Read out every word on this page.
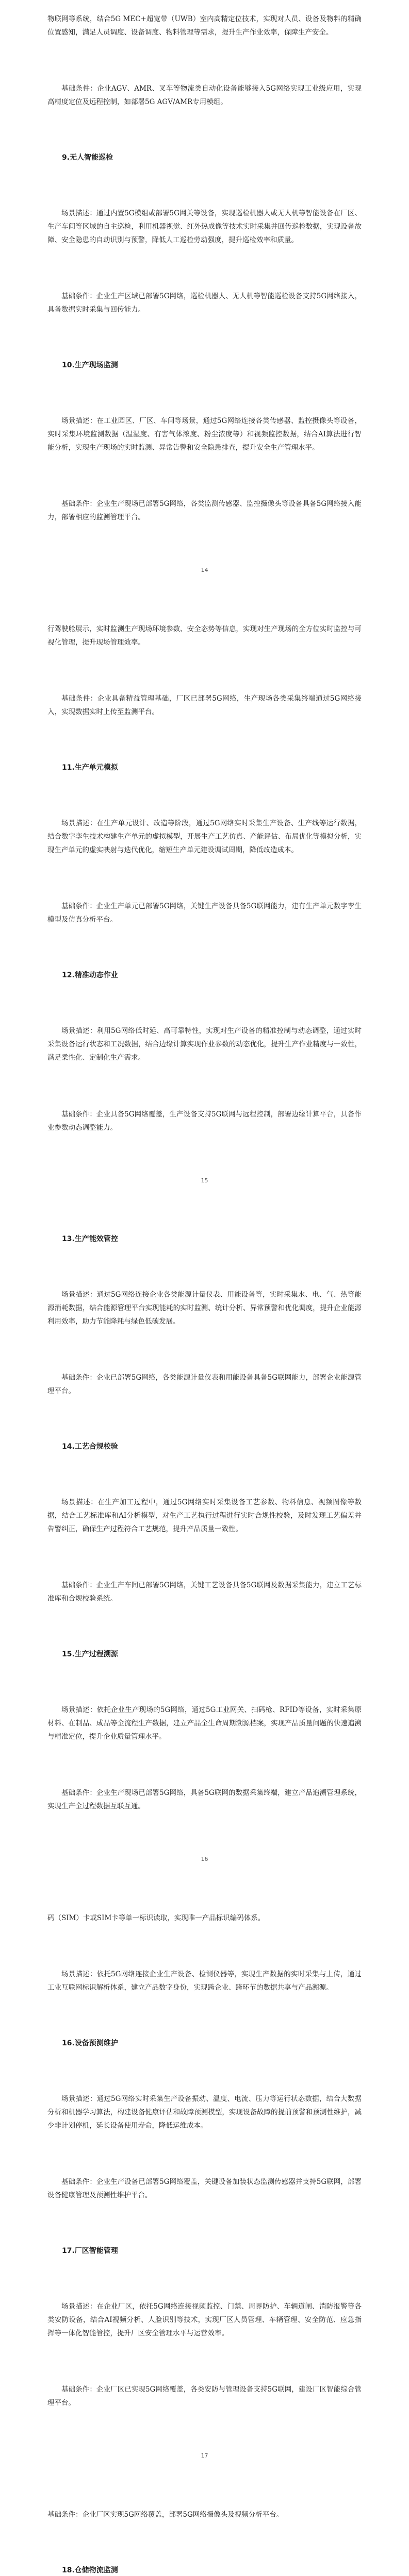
物联网等系统，结合5G MEC+超宽带（UWB）室内高精定位技术，实现对人员、设备及物料的精确位置感知，满足人员调度、设备调度、物料管理等需求，提升生产作业效率，保障生产安全。

基础条件：企业AGV、AMR、叉车等物流类自动化设备能够接入5G网络实现工业级应用，实现高精度定位及远程控制，如部署5G AGV/AMR专用模组。

9.无人智能巡检

场景描述：通过内置5G模组或部署5G网关等设备，实现巡检机器人或无人机等智能设备在厂区、生产车间等区域的自主巡检，利用机器视觉、红外热成像等技术实时采集并回传巡检数据，实现设备故障、安全隐患的自动识别与预警，降低人工巡检劳动强度，提升巡检效率和质量。

基础条件：企业生产区域已部署5G网络，巡检机器人、无人机等智能巡检设备支持5G网络接入，具备数据实时采集与回传能力。

10.生产现场监测

场景描述：在工业园区、厂区、车间等场景，通过5G网络连接各类传感器、监控摄像头等设备，实时采集环境监测数据（温湿度、有害气体浓度、粉尘浓度等）和视频监控数据，结合AI算法进行智能分析，实现生产现场的实时监测、异常告警和安全隐患排查，提升安全生产管理水平。

基础条件：企业生产现场已部署5G网络，各类监测传感器、监控摄像头等设备具备5G网络接入能力，部署相应的监测管理平台。

14

行驾驶舱展示，实时监测生产现场环境参数、安全态势等信息，实现对生产现场的全方位实时监控与可视化管理，提升现场管理效率。

基础条件：企业具备精益管理基础，厂区已部署5G网络，生产现场各类采集终端通过5G网络接入，实现数据实时上传至监测平台。

11.生产单元模拟

场景描述：在生产单元设计、改造等阶段，通过5G网络实时采集生产设备、生产线等运行数据，结合数字孪生技术构建生产单元的虚拟模型，开展生产工艺仿真、产能评估、布局优化等模拟分析，实现生产单元的虚实映射与迭代优化，缩短生产单元建设调试周期，降低改造成本。

基础条件：企业生产单元已部署5G网络，关键生产设备具备5G联网能力，建有生产单元数字孪生模型及仿真分析平台。

12.精准动态作业

场景描述：利用5G网络低时延、高可靠特性，实现对生产设备的精准控制与动态调整，通过实时采集设备运行状态和工况数据，结合边缘计算实现作业参数的动态优化，提升生产作业精度与一致性，满足柔性化、定制化生产需求。

基础条件：企业具备5G网络覆盖，生产设备支持5G联网与远程控制，部署边缘计算平台，具备作业参数动态调整能力。

15
13.生产能效管控

场景描述：通过5G网络连接企业各类能源计量仪表、用能设备等，实时采集水、电、气、热等能源消耗数据，结合能源管理平台实现能耗的实时监测、统计分析、异常预警和优化调度，提升企业能源利用效率，助力节能降耗与绿色低碳发展。

基础条件：企业已部署5G网络，各类能源计量仪表和用能设备具备5G联网能力，部署企业能源管理平台。

14.工艺合规校验

场景描述：在生产加工过程中，通过5G网络实时采集设备工艺参数、物料信息、视频图像等数据，结合工艺标准库和AI分析模型，对生产工艺执行过程进行实时合规性校验，及时发现工艺偏差并告警纠正，确保生产过程符合工艺规范，提升产品质量一致性。

基础条件：企业生产车间已部署5G网络，关键工艺设备具备5G联网及数据采集能力，建立工艺标准库和合规校验系统。

15.生产过程溯源

场景描述：依托企业生产现场的5G网络，通过5G工业网关、扫码枪、RFID等设备，实时采集原材料、在制品、成品等全流程生产数据，建立产品全生命周期溯源档案，实现产品质量问题的快速追溯与精准定位，提升企业质量管理水平。

基础条件：企业生产现场已部署5G网络，具备5G联网的数据采集终端，建立产品追溯管理系统，实现生产全过程数据互联互通。

16

码（SIM）卡或SIM卡等单一标识读取，实现唯一产品标识编码体系。

场景描述：依托5G网络连接企业生产设备、检测仪器等，实现生产数据的实时采集与上传，通过工业互联网标识解析体系，建立产品数字身份，实现跨企业、跨环节的数据共享与产品溯源。

16.设备预测维护

场景描述：通过5G网络实时采集生产设备振动、温度、电流、压力等运行状态数据，结合大数据分析和机器学习算法，构建设备健康评估和故障预测模型，实现设备故障的提前预警和预测性维护，减少非计划停机，延长设备使用寿命，降低运维成本。

基础条件：企业生产设备已部署5G网络覆盖，关键设备加装状态监测传感器并支持5G联网，部署设备健康管理及预测性维护平台。

17.厂区智能管理

场景描述：在企业厂区，依托5G网络连接视频监控、门禁、周界防护、车辆道闸、消防报警等各类安防设备，结合AI视频分析、人脸识别等技术，实现厂区人员管理、车辆管理、安全防范、应急指挥等一体化智能管控，提升厂区安全管理水平与运营效率。

基础条件：企业厂区已实现5G网络覆盖，各类安防与管理设备支持5G联网，建设厂区智能综合管理平台。

17

基础条件：企业厂区实现5G网络覆盖，部署5G网络摄像头及视频分析平台。

18.仓储物流监测
